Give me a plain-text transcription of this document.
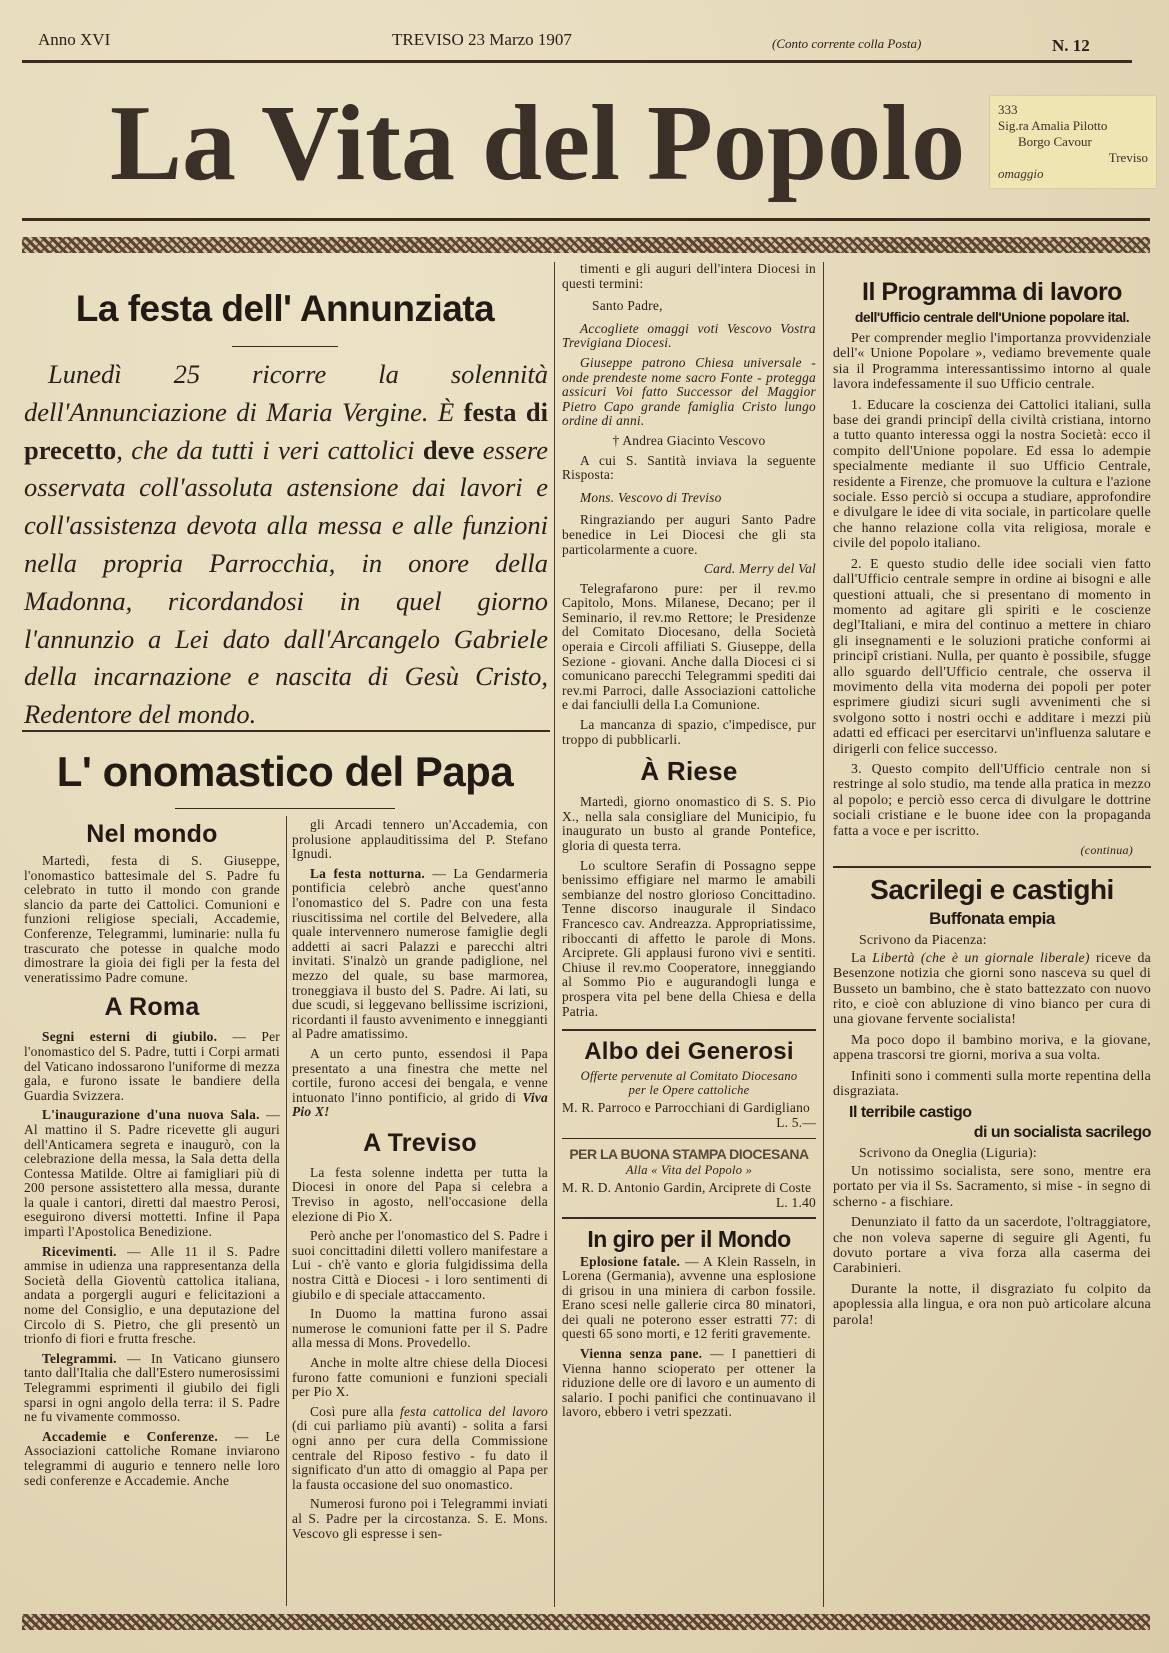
Anno XVI	TREVISO 23 Marzo 1907	(Conto corrente colla Posta)	N. 12
La Vita del Popolo	333
Sig.ra Amalia Pilotto
Borgo Cavour
Treviso
omaggio
La festa dell' Annunziata

Lunedì 25 ricorre la solennità dell'Annunciazione di Maria Vergine. È festa di precetto, che da tutti i veri cattolici deve essere osservata coll'assoluta astensione dai lavori e coll'assistenza devota alla messa e alle funzioni nella propria Parrocchia, in onore della Madonna, ricordandosi in quel giorno l'annunzio a Lei dato dall'Arcangelo Gabriele della incarnazione e nascita di Gesù Cristo, Redentore del mondo.

L' onomastico del Papa
Nel mondo

Martedì, festa di S. Giuseppe, l'onomastico battesimale del S. Padre fu celebrato in tutto il mondo con grande slancio da parte dei Cattolici. Comunioni e funzioni religiose speciali, Accademie, Conferenze, Telegrammi, luminarie: nulla fu trascurato che potesse in qualche modo dimostrare la gioia dei figli per la festa del veneratissimo Padre comune.

A Roma

Segni esterni di giubilo. — Per l'onomastico del S. Padre, tutti i Corpi armati del Vaticano indossarono l'uniforme di mezza gala, e furono issate le bandiere della Guardia Svizzera.

L'inaugurazione d'una nuova Sala. — Al mattino il S. Padre ricevette gli auguri dell'Anticamera segreta e inaugurò, con la celebrazione della messa, la Sala detta della Contessa Matilde. Oltre ai famigliari più di 200 persone assistettero alla messa, durante la quale i cantori, diretti dal maestro Perosi, eseguirono diversi mottetti. Infine il Papa impartì l'Apostolica Benedizione.

Ricevimenti. — Alle 11 il S. Padre ammise in udienza una rappresentanza della Società della Gioventù cattolica italiana, andata a porgergli auguri e felicitazioni a nome del Consiglio, e una deputazione del Circolo di S. Pietro, che gli presentò un trionfo di fiori e frutta fresche.

Telegrammi. — In Vaticano giunsero tanto dall'Italia che dall'Estero numerosissimi Telegrammi esprimenti il giubilo dei figli sparsi in ogni angolo della terra: il S. Padre ne fu vivamente commosso.

Accademie e Conferenze. — Le Associazioni cattoliche Romane inviarono telegrammi di augurio e tennero nelle loro sedi conferenze e Accademie. Anche

gli Arcadi tennero un'Accademia, con prolusione applauditissima del P. Stefano Ignudi.

La festa notturna. — La Gendarmeria pontificia celebrò anche quest'anno l'onomastico del S. Padre con una festa riuscitissima nel cortile del Belvedere, alla quale intervennero numerose famiglie degli addetti ai sacri Palazzi e parecchi altri invitati. S'inalzò un grande padiglione, nel mezzo del quale, su base marmorea, troneggiava il busto del S. Padre. Ai lati, su due scudi, si leggevano bellissime iscrizioni, ricordanti il fausto avvenimento e inneggianti al Padre amatissimo.

A un certo punto, essendosi il Papa presentato a una finestra che mette nel cortile, furono accesi dei bengala, e venne intuonato l'inno pontificio, al grido di Viva Pio X!

A Treviso

La festa solenne indetta per tutta la Diocesi in onore del Papa si celebra a Treviso in agosto, nell'occasione della elezione di Pio X.

Però anche per l'onomastico del S. Padre i suoi concittadini diletti vollero manifestare a Lui - ch'è vanto e gloria fulgidissima della nostra Città e Diocesi - i loro sentimenti di giubilo e di speciale attaccamento.

In Duomo la mattina furono assai numerose le comunioni fatte per il S. Padre alla messa di Mons. Provedello.

Anche in molte altre chiese della Diocesi furono fatte comunioni e funzioni speciali per Pio X.

Così pure alla festa cattolica del lavoro (di cui parliamo più avanti) - solita a farsi ogni anno per cura della Commissione centrale del Riposo festivo - fu dato il significato d'un atto di omaggio al Papa per la fausta occasione del suo onomastico.

Numerosi furono poi i Telegrammi inviati al S. Padre per la circostanza. S. E. Mons. Vescovo gli espresse i sen-

timenti e gli auguri dell'intera Diocesi in questi termini:

Santo Padre,

Accogliete omaggi voti Vescovo Vostra Trevigiana Diocesi.

Giuseppe patrono Chiesa universale - onde prendeste nome sacro Fonte - protegga assicuri Voi fatto Successor del Maggior Pietro Capo grande famiglia Cristo lungo ordine di anni.

† Andrea Giacinto Vescovo

A cui S. Santità inviava la seguente Risposta:

Mons. Vescovo di Treviso

Ringraziando per auguri Santo Padre benedice in Lei Diocesi che gli sta particolarmente a cuore.

Card. Merry del Val

Telegrafarono pure: per il rev.mo Capitolo, Mons. Milanese, Decano; per il Seminario, il rev.mo Rettore; le Presidenze del Comitato Diocesano, della Società operaia e Circoli affiliati S. Giuseppe, della Sezione - giovani. Anche dalla Diocesi ci si comunicano parecchi Telegrammi spediti dai rev.mi Parroci, dalle Associazioni cattoliche e dai fanciulli della I.a Comunione.

La mancanza di spazio, c'impedisce, pur troppo di pubblicarli.

À Riese

Martedì, giorno onomastico di S. S. Pio X., nella sala consigliare del Municipio, fu inaugurato un busto al grande Pontefice, gloria di questa terra.

Lo scultore Serafin di Possagno seppe benissimo effigiare nel marmo le amabili sembianze del nostro glorioso Concittadino. Tenne discorso inaugurale il Sindaco Francesco cav. Andreazza. Appropriatissime, riboccanti di affetto le parole di Mons. Arciprete. Gli applausi furono vivi e sentiti. Chiuse il rev.mo Cooperatore, inneggiando al Sommo Pio e augurandogli lunga e prospera vita pel bene della Chiesa e della Patria.

Albo dei Generosi
Offerte pervenute al Comitato Diocesano per le Opere cattoliche
M. R. Parroco e Parrocchiani di Gardigliano
L. 5.—
PER LA BUONA STAMPA DIOCESANA
Alla « Vita del Popolo »
M. R. D. Antonio Gardin, Arciprete di Coste
L. 1.40
In giro per il Mondo

Eplosione fatale. — A Klein Rasseln, in Lorena (Germania), avvenne una esplosione di grisou in una miniera di carbon fossile. Erano scesi nelle gallerie circa 80 minatori, dei quali ne poterono esser estratti 77: di questi 65 sono morti, e 12 feriti gravemente.

Vienna senza pane. — I panettieri di Vienna hanno scioperato per ottener la riduzione delle ore di lavoro e un aumento di salario. I pochi panifici che continuavano il lavoro, ebbero i vetri spezzati.

Il Programma di lavoro
dell'Ufficio centrale dell'Unione popolare ital.

Per comprender meglio l'importanza provvidenziale dell'« Unione Popolare », vediamo brevemente quale sia il Programma interessantissimo intorno al quale lavora indefessamente il suo Ufficio centrale.

1. Educare la coscienza dei Cattolici italiani, sulla base dei grandi principî della civiltà cristiana, intorno a tutto quanto interessa oggi la nostra Società: ecco il compito dell'Unione popolare. Ed essa lo adempie specialmente mediante il suo Ufficio Centrale, residente a Firenze, che promuove la cultura e l'azione sociale. Esso perciò si occupa a studiare, approfondire e divulgare le idee di vita sociale, in particolare quelle che hanno relazione colla vita religiosa, morale e civile del popolo italiano.

2. E questo studio delle idee sociali vien fatto dall'Ufficio centrale sempre in ordine ai bisogni e alle questioni attuali, che si presentano di momento in momento ad agitare gli spiriti e le coscienze degl'Italiani, e mira del continuo a mettere in chiaro gli insegnamenti e le soluzioni pratiche conformi ai principî cristiani. Nulla, per quanto è possibile, sfugge allo sguardo dell'Ufficio centrale, che osserva il movimento della vita moderna dei popoli per poter esprimere giudizi sicuri sugli avvenimenti che si svolgono sotto i nostri occhi e additare i mezzi più adatti ed efficaci per esercitarvi un'influenza salutare e dirigerli con felice successo.

3. Questo compito dell'Ufficio centrale non si restringe al solo studio, ma tende alla pratica in mezzo al popolo; e perciò esso cerca di divulgare le dottrine sociali cristiane e le buone idee con la propaganda fatta a voce e per iscritto.

(continua)
Sacrilegi e castighi
Buffonata empia

Scrivono da Piacenza:

La Libertà (che è un giornale liberale) riceve da Besenzone notizia che giorni sono nasceva su quel di Busseto un bambino, che è stato battezzato con nuovo rito, e cioè con abluzione di vino bianco per cura di una giovane fervente socialista!

Ma poco dopo il bambino moriva, e la giovane, appena trascorsi tre giorni, moriva a sua volta.

Infiniti sono i commenti sulla morte repentina della disgraziata.

Il terribile castigo
di un socialista sacrilego

Scrivono da Oneglia (Liguria):

Un notissimo socialista, sere sono, mentre era portato per via il Ss. Sacramento, si mise - in segno di scherno - a fischiare.

Denunziato il fatto da un sacerdote, l'oltraggiatore, che non voleva saperne di seguire gli Agenti, fu dovuto portare a viva forza alla caserma dei Carabinieri.

Durante la notte, il disgraziato fu colpito da apoplessia alla lingua, e ora non può articolare alcuna parola!
